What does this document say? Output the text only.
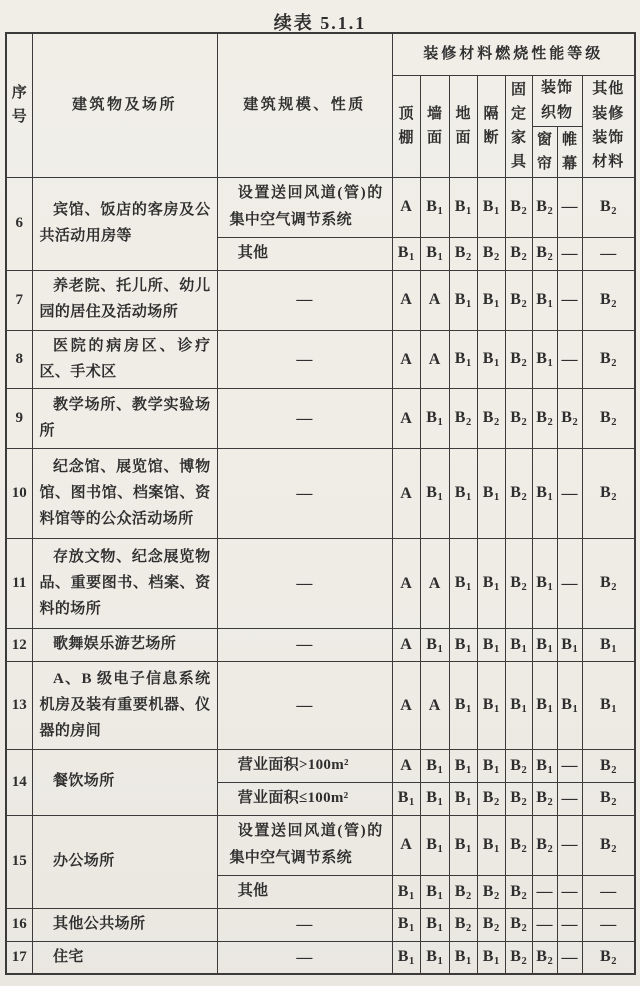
续表 5.1.1
序号	建筑物及场所	建筑规模、性质	装修材料燃烧性能等级							
			顶棚	墙面	地面	隔断	固定家具	装饰织物		其他装修装饰材料
								窗帘	帷幕	
6	宾馆、饭店的客房及公共活动用房等	设置送回风道(管)的集中空气调节系统	A	$B_1$	$B_1$	$B_1$	$B_2$	$B_2$	—	$B_2$
		其他	$B_1$	$B_1$	$B_2$	$B_2$	$B_2$	$B_2$	—	—
7	养老院、托儿所、幼儿园的居住及活动场所	—	A	A	$B_1$	$B_1$	$B_2$	$B_1$	—	$B_2$
8	医院的病房区、诊疗区、手术区	—	A	A	$B_1$	$B_1$	$B_2$	$B_1$	—	$B_2$
9	教学场所、教学实验场所	—	A	$B_1$	$B_2$	$B_2$	$B_2$	$B_2$	$B_2$	$B_2$
10	纪念馆、展览馆、博物馆、图书馆、档案馆、资料馆等的公众活动场所	—	A	$B_1$	$B_1$	$B_1$	$B_2$	$B_1$	—	$B_2$
11	存放文物、纪念展览物品、重要图书、档案、资料的场所	—	A	A	$B_1$	$B_1$	$B_2$	$B_1$	—	$B_2$
12	歌舞娱乐游艺场所	—	A	$B_1$	$B_1$	$B_1$	$B_1$	$B_1$	$B_1$	$B_1$
13	A、B 级电子信息系统机房及装有重要机器、仪器的房间	—	A	A	$B_1$	$B_1$	$B_1$	$B_1$	$B_1$	$B_1$
14	餐饮场所	营业面积>100m²	A	$B_1$	$B_1$	$B_1$	$B_2$	$B_1$	—	$B_2$
		营业面积≤100m²	$B_1$	$B_1$	$B_1$	$B_2$	$B_2$	$B_2$	—	$B_2$
15	办公场所	设置送回风道(管)的集中空气调节系统	A	$B_1$	$B_1$	$B_1$	$B_2$	$B_2$	—	$B_2$
		其他	$B_1$	$B_1$	$B_2$	$B_2$	$B_2$	—	—	—
16	其他公共场所	—	$B_1$	$B_1$	$B_2$	$B_2$	$B_2$	—	—	—
17	住宅	—	$B_1$	$B_1$	$B_1$	$B_1$	$B_2$	$B_2$	—	$B_2$
